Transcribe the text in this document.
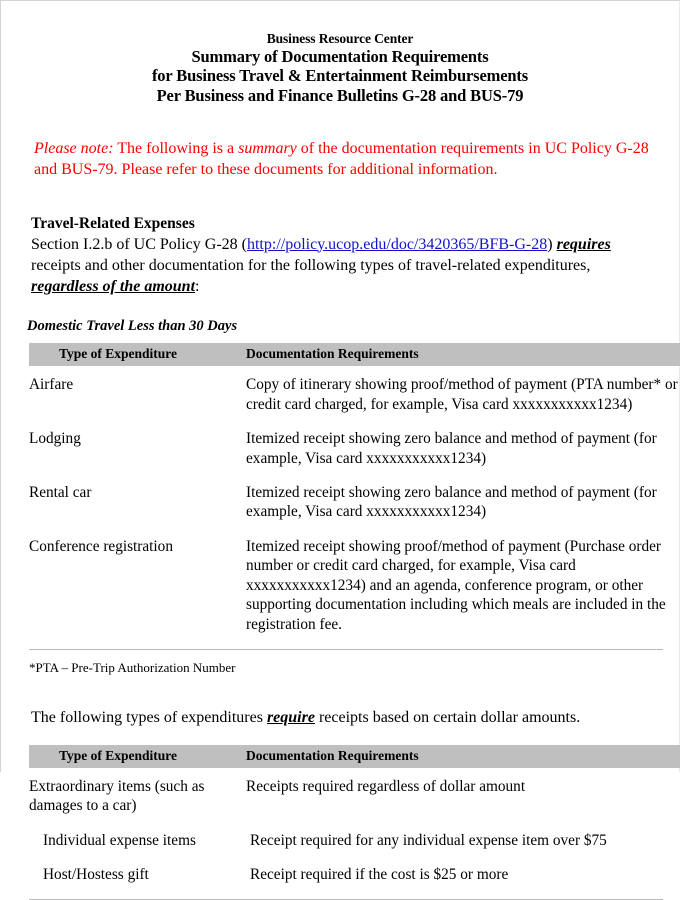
Business Resource Center
Summary of Documentation Requirements
for Business Travel & Entertainment Reimbursements
Per Business and Finance Bulletins G-28 and BUS-79
Please note: The following is a summary of the documentation requirements in UC Policy G-28 and BUS-79. Please refer to these documents for additional information.
Travel-Related Expenses
Section I.2.b of UC Policy G-28 (http://policy.ucop.edu/doc/3420365/BFB-G-28) requires receipts and other documentation for the following types of travel-related expenditures, regardless of the amount:
Domestic Travel Less than 30 Days
Type of Expenditure	Documentation Requirements
Airfare	Copy of itinerary showing proof/method of payment (PTA number* or credit card charged, for example, Visa card xxxxxxxxxxx1234)
Lodging	Itemized receipt showing zero balance and method of payment (for example, Visa card xxxxxxxxxxx1234)
Rental car	Itemized receipt showing zero balance and method of payment (for example, Visa card xxxxxxxxxxx1234)
Conference registration	Itemized receipt showing proof/method of payment (Purchase order number or credit card charged, for example, Visa card xxxxxxxxxxx1234) and an agenda, conference program, or other supporting documentation including which meals are included in the registration fee.
*PTA – Pre-Trip Authorization Number
The following types of expenditures require receipts based on certain dollar amounts.
Type of Expenditure	Documentation Requirements
Extraordinary items (such as damages to a car)	Receipts required regardless of dollar amount
Individual expense items	Receipt required for any individual expense item over $75
Host/Hostess gift	Receipt required if the cost is $25 or more
